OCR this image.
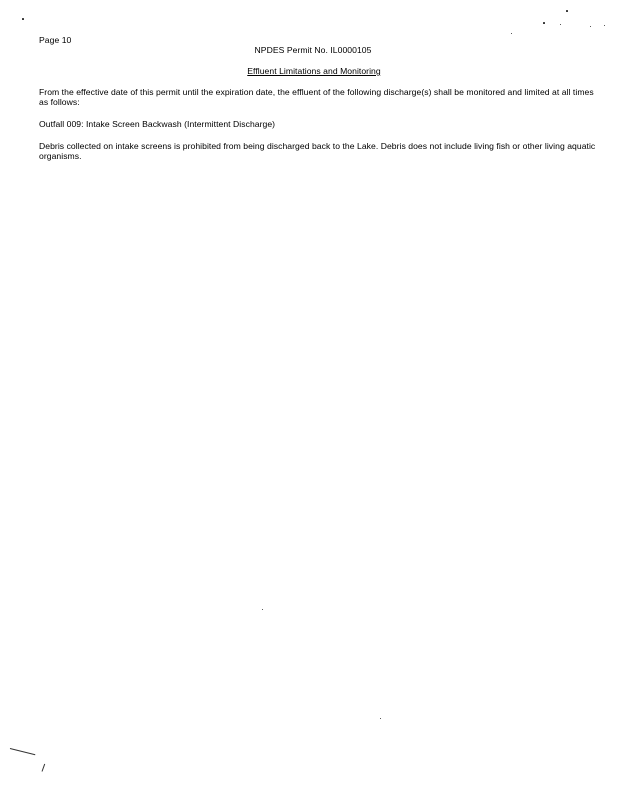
Page 10
NPDES Permit No. IL0000105
Effluent Limitations and Monitoring
From the effective date of this permit until the expiration date, the effluent of the following discharge(s) shall be monitored and limited at all times as follows:
Outfall 009: Intake Screen Backwash (Intermittent Discharge)
Debris collected on intake screens is prohibited from being discharged back to the Lake. Debris does not include living fish or other living aquatic organisms.
